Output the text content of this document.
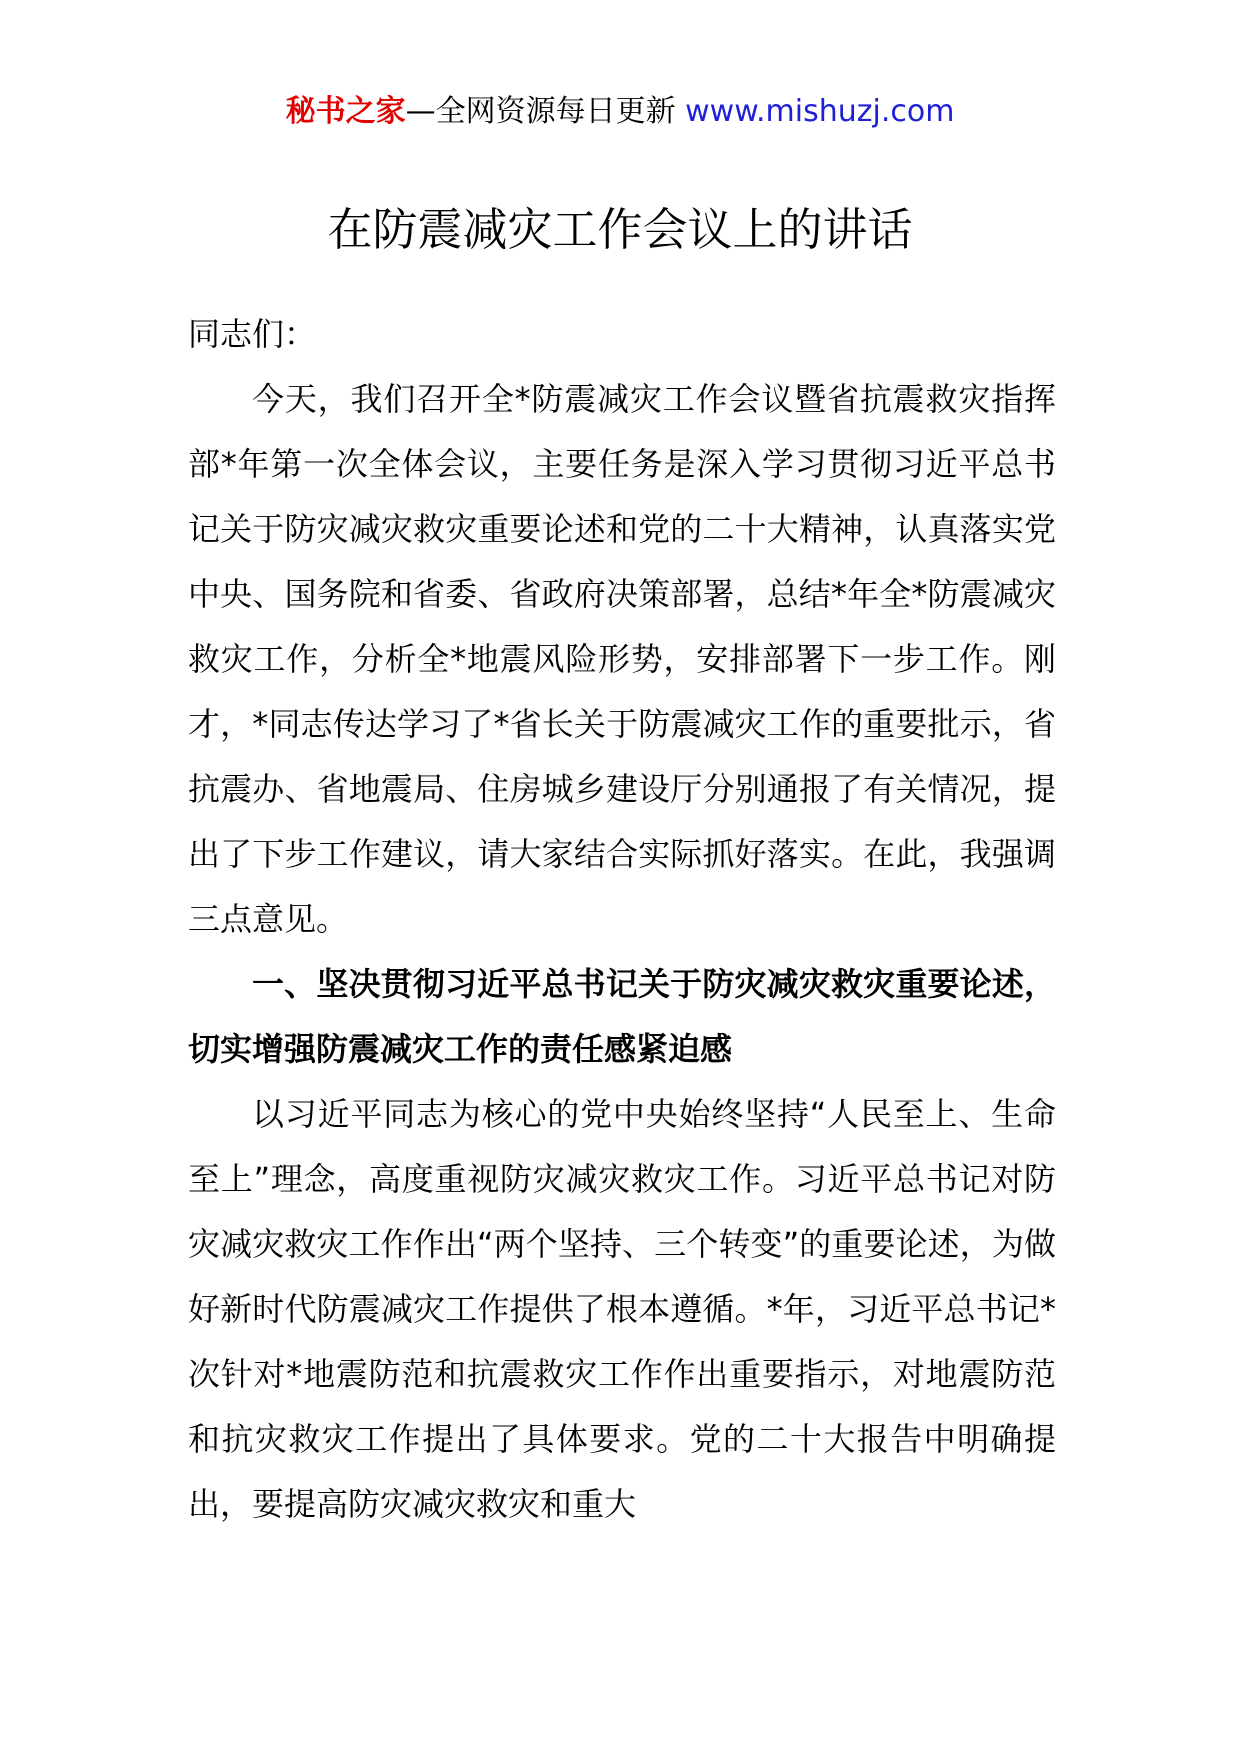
秘书之家—全网资源每日更新 www.mishuzj.com
在防震减灾工作会议上的讲话

同志们：

今天，我们召开全*防震减灾工作会议暨省抗震救灾指挥部*年第一次全体会议，主要任务是深入学习贯彻习近平总书记关于防灾减灾救灾重要论述和党的二十大精神，认真落实党中央、国务院和省委、省政府决策部署，总结*年全*防震减灾救灾工作，分析全*地震风险形势，安排部署下一步工作。刚才，*同志传达学习了*省长关于防震减灾工作的重要批示，省抗震办、省地震局、住房城乡建设厅分别通报了有关情况，提出了下步工作建议，请大家结合实际抓好落实。在此，我强调三点意见。

一、坚决贯彻习近平总书记关于防灾减灾救灾重要论述，切实增强防震减灾工作的责任感紧迫感

以习近平同志为核心的党中央始终坚持“人民至上、生命至上”理念，高度重视防灾减灾救灾工作。习近平总书记对防灾减灾救灾工作作出“两个坚持、三个转变”的重要论述，为做好新时代防震减灾工作提供了根本遵循。*年，习近平总书记*次针对*地震防范和抗震救灾工作作出重要指示，对地震防范和抗灾救灾工作提出了具体要求。党的二十大报告中明确提出，要提高防灾减灾救灾和重大
